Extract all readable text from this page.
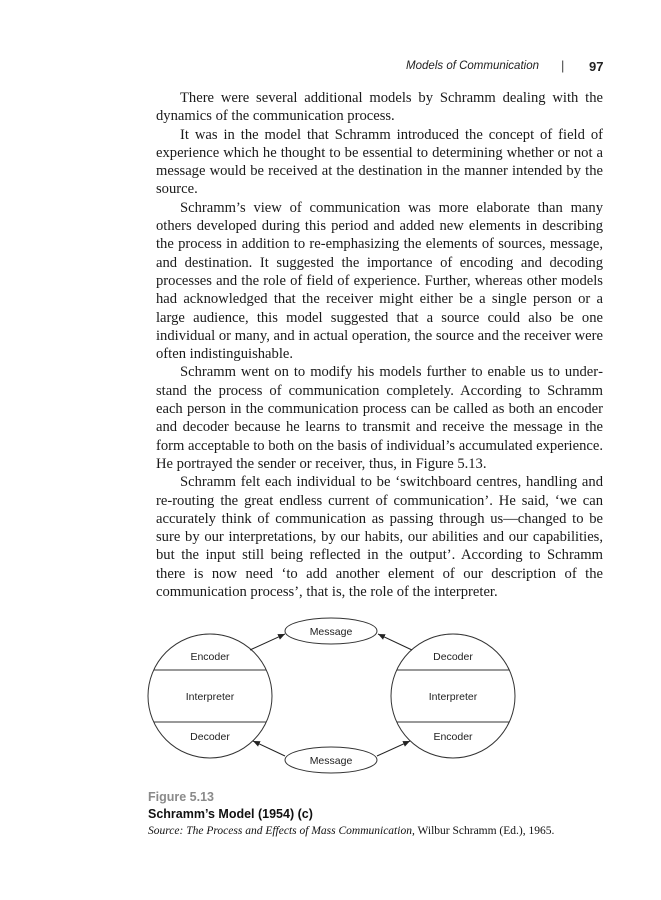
Models of Communication | 97

There were several additional models by Schramm dealing with the dynamics of the communication process.

It was in the model that Schramm introduced the concept of field of experience which he thought to be essential to determining whether or not a message would be received at the destination in the manner intended by the source.

Schramm’s view of communication was more elaborate than many others developed during this period and added new elements in describing the process in addition to re-emphasizing the elements of sources, message, and destination. It suggested the importance of encoding and decoding processes and the role of field of experience. Further, whereas other models had acknowledged that the receiver might either be a single person or a large audience, this model suggested that a source could also be one individual or many, and in actual operation, the source and the receiver were often indistinguishable.

Schramm went on to modify his models further to enable us to understand the process of communication completely. According to Schramm each person in the communication process can be called as both an encoder and decoder because he learns to transmit and receive the message in the form acceptable to both on the basis of individual’s accumulated experience. He portrayed the sender or receiver, thus, in Figure 5.13.

Schramm felt each individual to be ‘switchboard centres, handling and re-routing the great endless current of communication’. He said, ‘we can accurately think of communication as passing through us—changed to be sure by our interpretations, by our habits, our abilities and our capabilities, but the input still being reflected in the output’. According to Schramm there is now need ‘to add another element of our description of the communication process’, that is, the role of the interpreter.

Encoder
Interpreter
Decoder
Decoder
Interpreter
Encoder
Message
Message
Figure 5.13
Schramm’s Model (1954) (c)
Source: The Process and Effects of Mass Communication, Wilbur Schramm (Ed.), 1965.
